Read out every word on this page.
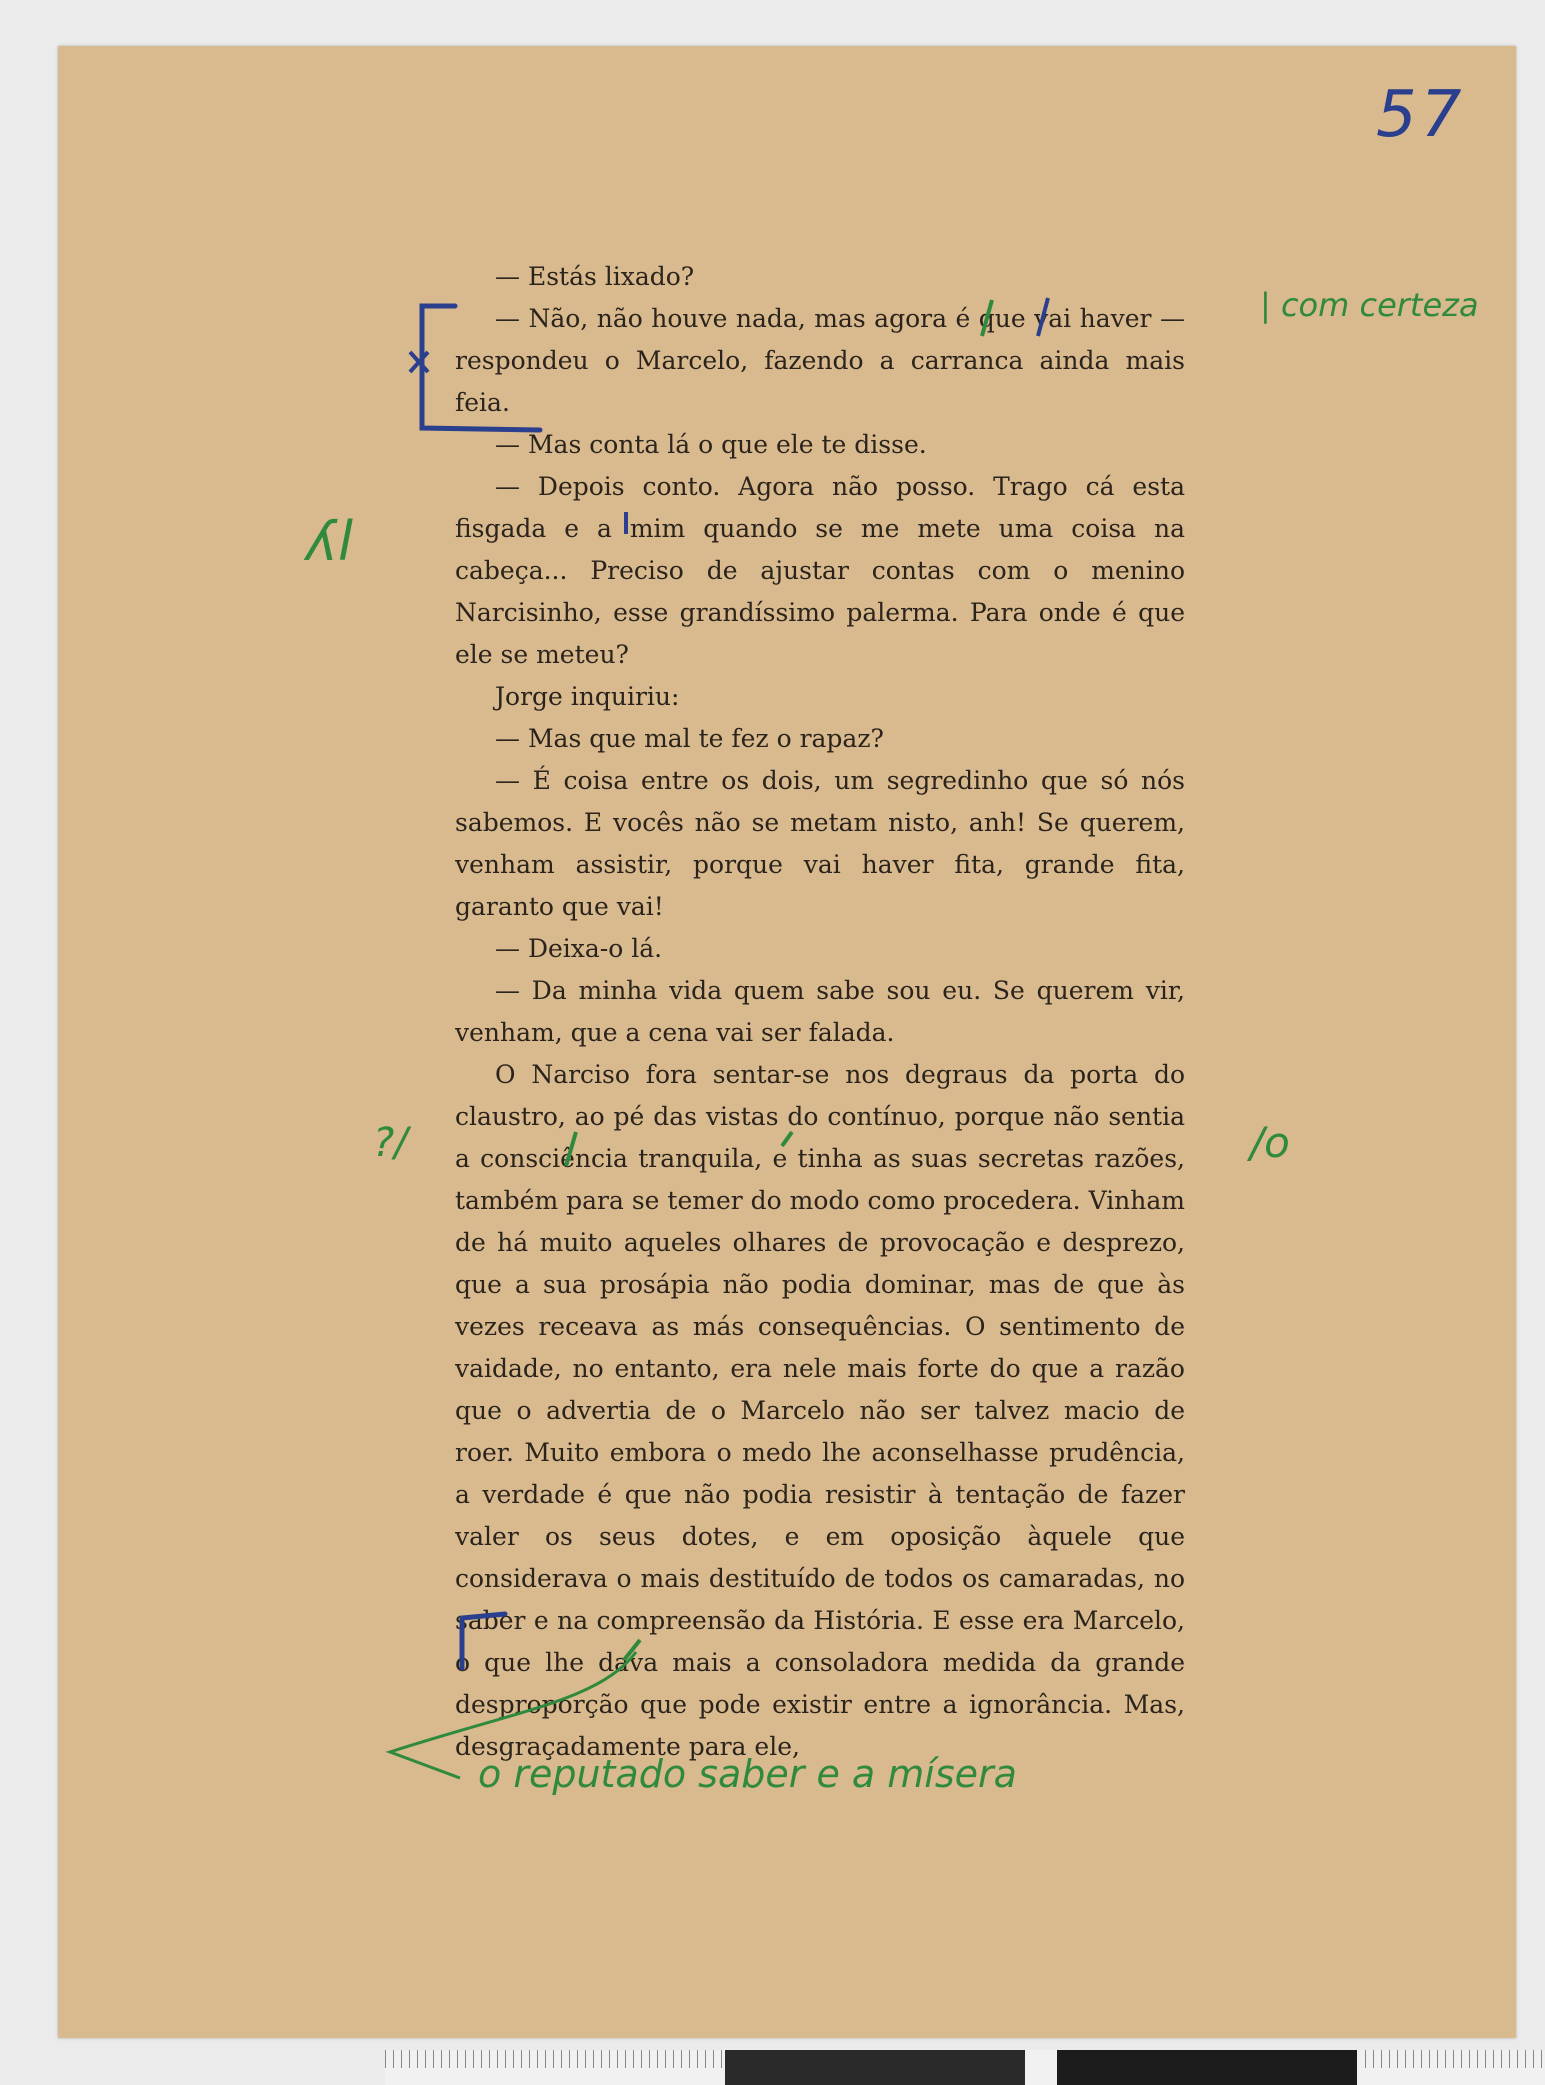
57

— Estás lixado?

— Não, não houve nada, mas agora é que vai haver — respondeu o Marcelo, fazendo a carranca ainda mais feia.

— Mas conta lá o que ele te disse.

— Depois conto. Agora não posso. Trago cá esta fisgada e a mim quando se me mete uma coisa na cabeça... Preciso de ajustar contas com o menino Narcisinho, esse grandíssimo palerma. Para onde é que ele se meteu?

Jorge inquiriu:

— Mas que mal te fez o rapaz?

— É coisa entre os dois, um segredinho que só nós sabemos. E vocês não se metam nisto, anh! Se querem, venham assistir, porque vai haver fita, grande fita, garanto que vai!

— Deixa-o lá.

— Da minha vida quem sabe sou eu. Se querem vir, venham, que a cena vai ser falada.

O Narciso fora sentar-se nos degraus da porta do claustro, ao pé das vistas do contínuo, porque não sentia a consciência tranquila, e tinha as suas secretas razões, também para se temer do modo como procedera. Vinham de há muito aqueles olhares de provocação e desprezo, que a sua prosápia não podia dominar, mas de que às vezes receava as más consequências. O sentimento de vaidade, no entanto, era nele mais forte do que a razão que o advertia de o Marcelo não ser talvez macio de roer. Muito embora o medo lhe aconselhasse prudência, a verdade é que não podia resistir à tentação de fazer valer os seus dotes, e em oposição àquele que considerava o mais destituído de todos os camaradas, no saber e na compreensão da História. E esse era Marcelo, o que lhe dava mais a consoladora medida da grande desproporção que pode existir entre a ignorância. Mas, desgraçadamente para ele,

| com certeza
ʎl
?/	/o
o reputado saber e a mísera
